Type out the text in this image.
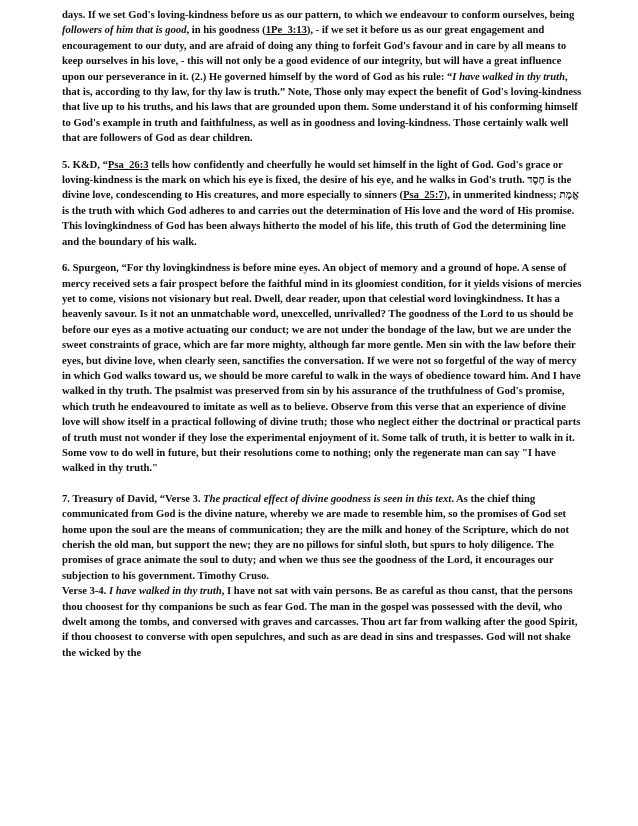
days. If we set God's loving-kindness before us as our pattern, to which we endeavour to conform ourselves, being followers of him that is good, in his goodness (1Pe_3:13), - if we set it before us as our great engagement and encouragement to our duty, and are afraid of doing any thing to forfeit God's favour and in care by all means to keep ourselves in his love, - this will not only be a good evidence of our integrity, but will have a great influence upon our perseverance in it. (2.) He governed himself by the word of God as his rule: “I have walked in thy truth, that is, according to thy law, for thy law is truth.” Note, Those only may expect the benefit of God's loving-kindness that live up to his truths, and his laws that are grounded upon them. Some understand it of his conforming himself to God's example in truth and faithfulness, as well as in goodness and loving-kindness. Those certainly walk well that are followers of God as dear children.

5. K&D, “Psa_26:3 tells how confidently and cheerfully he would set himself in the light of God. God's grace or loving-kindness is the mark on which his eye is fixed, the desire of his eye, and he walks in God's truth. חֶסֶד is the divine love, condescending to His creatures, and more especially to sinners (Psa_25:7), in unmerited kindness; אֱמֶת is the truth with which God adheres to and carries out the determination of His love and the word of His promise. This lovingkindness of God has been always hitherto the model of his life, this truth of God the determining line and the boundary of his walk.

6. Spurgeon, “For thy lovingkindness is before mine eyes. An object of memory and a ground of hope. A sense of mercy received sets a fair prospect before the faithful mind in its gloomiest condition, for it yields visions of mercies yet to come, visions not visionary but real. Dwell, dear reader, upon that celestial word lovingkindness. It has a heavenly savour. Is it not an unmatchable word, unexcelled, unrivalled? The goodness of the Lord to us should be before our eyes as a motive actuating our conduct; we are not under the bondage of the law, but we are under the sweet constraints of grace, which are far more mighty, although far more gentle. Men sin with the law before their eyes, but divine love, when clearly seen, sanctifies the conversation. If we were not so forgetful of the way of mercy in which God walks toward us, we should be more careful to walk in the ways of obedience toward him. And I have walked in thy truth. The psalmist was preserved from sin by his assurance of the truthfulness of God's promise, which truth he endeavoured to imitate as well as to believe. Observe from this verse that an experience of divine love will show itself in a practical following of divine truth; those who neglect either the doctrinal or practical parts of truth must not wonder if they lose the experimental enjoyment of it. Some talk of truth, it is better to walk in it. Some vow to do well in future, but their resolutions come to nothing; only the regenerate man can say "I have walked in thy truth."

7. Treasury of David, “Verse 3. The practical effect of divine goodness is seen in this text. As the chief thing communicated from God is the divine nature, whereby we are made to resemble him, so the promises of God set home upon the soul are the means of communication; they are the milk and honey of the Scripture, which do not cherish the old man, but support the new; they are no pillows for sinful sloth, but spurs to holy diligence. The promises of grace animate the soul to duty; and when we thus see the goodness of the Lord, it encourages our subjection to his government. Timothy Cruso.

Verse 3-4. I have walked in thy truth, I have not sat with vain persons. Be as careful as thou canst, that the persons thou choosest for thy companions be such as fear God. The man in the gospel was possessed with the devil, who dwelt among the tombs, and conversed with graves and carcasses. Thou art far from walking after the good Spirit, if thou choosest to converse with open sepulchres, and such as are dead in sins and trespasses. God will not shake the wicked by the
